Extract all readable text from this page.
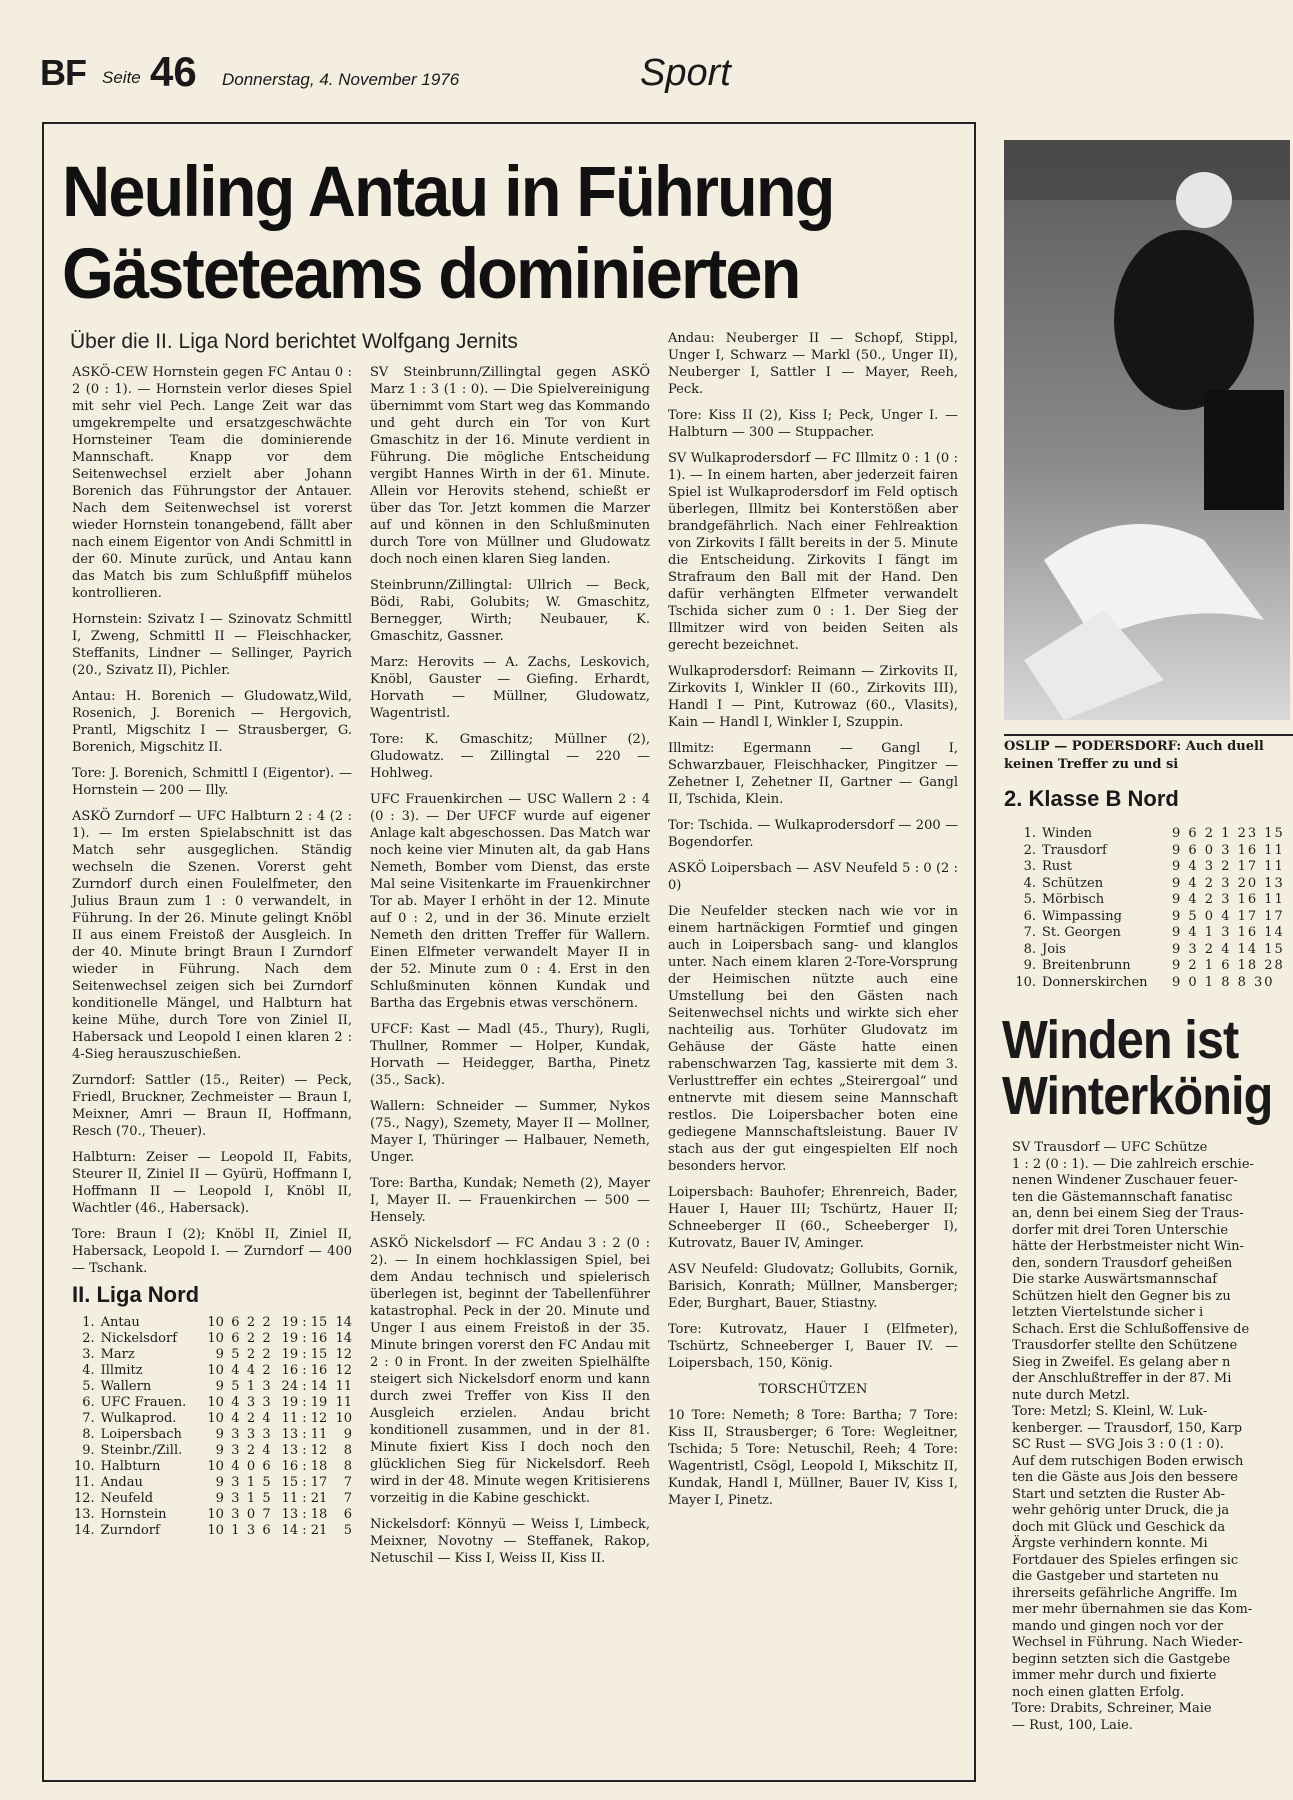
BF Seite 46 Donnerstag, 4. November 1976	Sport
Neuling Antau in Führung
Gästeteams dominierten
Über die II. Liga Nord berichtet Wolfgang Jernits

ASKÖ-CEW Hornstein gegen FC Antau 0 : 2 (0 : 1). — Hornstein verlor dieses Spiel mit sehr viel Pech. Lange Zeit war das umgekrempelte und ersatzgeschwächte Hornsteiner Team die dominierende Mannschaft. Knapp vor dem Seitenwechsel erzielt aber Johann Borenich das Führungstor der Antauer. Nach dem Seitenwechsel ist vorerst wieder Hornstein tonangebend, fällt aber nach einem Eigentor von Andi Schmittl in der 60. Minute zurück, und Antau kann das Match bis zum Schlußpfiff mühelos kontrollieren.

Hornstein: Szivatz I — Szinovatz Schmittl I, Zweng, Schmittl II — Fleischhacker, Steffanits, Lindner — Sellinger, Payrich (20., Szivatz II), Pichler.

Antau: H. Borenich — Gludowatz,Wild, Rosenich, J. Borenich — Hergovich, Prantl, Migschitz I — Strausberger, G. Borenich, Migschitz II.

Tore: J. Borenich, Schmittl I (Eigentor). — Hornstein — 200 — Illy.

ASKÖ Zurndorf — UFC Halbturn 2 : 4 (2 : 1). — Im ersten Spielabschnitt ist das Match sehr ausgeglichen. Ständig wechseln die Szenen. Vorerst geht Zurndorf durch einen Foulelfmeter, den Julius Braun zum 1 : 0 verwandelt, in Führung. In der 26. Minute gelingt Knöbl II aus einem Freistoß der Ausgleich. In der 40. Minute bringt Braun I Zurndorf wieder in Führung. Nach dem Seitenwechsel zeigen sich bei Zurndorf konditionelle Mängel, und Halbturn hat keine Mühe, durch Tore von Ziniel II, Habersack und Leopold I einen klaren 2 : 4-Sieg herauszuschießen.

Zurndorf: Sattler (15., Reiter) — Peck, Friedl, Bruckner, Zechmeister — Braun I, Meixner, Amri — Braun II, Hoffmann, Resch (70., Theuer).

Halbturn: Zeiser — Leopold II, Fabits, Steurer II, Ziniel II — Gyürü, Hoffmann I, Hoffmann II — Leopold I, Knöbl II, Wachtler (46., Habersack).

Tore: Braun I (2); Knöbl II, Ziniel II, Habersack, Leopold I. — Zurndorf — 400 — Tschank.

II. Liga Nord
1.	Antau	10	6	2	2	19 : 15	14
2.	Nickelsdorf	10	6	2	2	19 : 16	14
3.	Marz	9	5	2	2	19 : 15	12
4.	Illmitz	10	4	4	2	16 : 16	12
5.	Wallern	9	5	1	3	24 : 14	11
6.	UFC Frauen.	10	4	3	3	19 : 19	11
7.	Wulkaprod.	10	4	2	4	11 : 12	10
8.	Loipersbach	9	3	3	3	13 : 11	9
9.	Steinbr./Zill.	9	3	2	4	13 : 12	8
10.	Halbturn	10	4	0	6	16 : 18	8
11.	Andau	9	3	1	5	15 : 17	7
12.	Neufeld	9	3	1	5	11 : 21	7
13.	Hornstein	10	3	0	7	13 : 18	6
14.	Zurndorf	10	1	3	6	14 : 21	5

SV Steinbrunn/Zillingtal gegen ASKÖ Marz 1 : 3 (1 : 0). — Die Spielvereinigung übernimmt vom Start weg das Kommando und geht durch ein Tor von Kurt Gmaschitz in der 16. Minute verdient in Führung. Die mögliche Entscheidung vergibt Hannes Wirth in der 61. Minute. Allein vor Herovits stehend, schießt er über das Tor. Jetzt kommen die Marzer auf und können in den Schlußminuten durch Tore von Müllner und Gludowatz doch noch einen klaren Sieg landen.

Steinbrunn/Zillingtal: Ullrich — Beck, Bödi, Rabi, Golubits; W. Gmaschitz, Bernegger, Wirth; Neubauer, K. Gmaschitz, Gassner.

Marz: Herovits — A. Zachs, Leskovich, Knöbl, Gauster — Giefing. Erhardt, Horvath — Müllner, Gludowatz, Wagentristl.

Tore: K. Gmaschitz; Müllner (2), Gludowatz. — Zillingtal — 220 — Hohlweg.

UFC Frauenkirchen — USC Wallern 2 : 4 (0 : 3). — Der UFCF wurde auf eigener Anlage kalt abgeschossen. Das Match war noch keine vier Minuten alt, da gab Hans Nemeth, Bomber vom Dienst, das erste Mal seine Visitenkarte im Frauenkirchner Tor ab. Mayer I erhöht in der 12. Minute auf 0 : 2, und in der 36. Minute erzielt Nemeth den dritten Treffer für Wallern. Einen Elfmeter verwandelt Mayer II in der 52. Minute zum 0 : 4. Erst in den Schlußminuten können Kundak und Bartha das Ergebnis etwas verschönern.

UFCF: Kast — Madl (45., Thury), Rugli, Thullner, Rommer — Holper, Kundak, Horvath — Heidegger, Bartha, Pinetz (35., Sack).

Wallern: Schneider — Summer, Nykos (75., Nagy), Szemety, Mayer II — Mollner, Mayer I, Thüringer — Halbauer, Nemeth, Unger.

Tore: Bartha, Kundak; Nemeth (2), Mayer I, Mayer II. — Frauenkirchen — 500 — Hensely.

ASKÖ Nickelsdorf — FC Andau 3 : 2 (0 : 2). — In einem hochklassigen Spiel, bei dem Andau technisch und spielerisch überlegen ist, beginnt der Tabellenführer katastrophal. Peck in der 20. Minute und Unger I aus einem Freistoß in der 35. Minute bringen vorerst den FC Andau mit 2 : 0 in Front. In der zweiten Spielhälfte steigert sich Nickelsdorf enorm und kann durch zwei Treffer von Kiss II den Ausgleich erzielen. Andau bricht konditionell zusammen, und in der 81. Minute fixiert Kiss I doch noch den glücklichen Sieg für Nickelsdorf. Reeh wird in der 48. Minute wegen Kritisierens vorzeitig in die Kabine geschickt.

Nickelsdorf: Könnyü — Weiss I, Limbeck, Meixner, Novotny — Steffanek, Rakop, Netuschil — Kiss I, Weiss II, Kiss II.

Andau: Neuberger II — Schopf, Stippl, Unger I, Schwarz — Markl (50., Unger II), Neuberger I, Sattler I — Mayer, Reeh, Peck.

Tore: Kiss II (2), Kiss I; Peck, Unger I. — Halbturn — 300 — Stuppacher.

SV Wulkaprodersdorf — FC Illmitz 0 : 1 (0 : 1). — In einem harten, aber jederzeit fairen Spiel ist Wulkaprodersdorf im Feld optisch überlegen, Illmitz bei Konterstößen aber brandgefährlich. Nach einer Fehlreaktion von Zirkovits I fällt bereits in der 5. Minute die Entscheidung. Zirkovits I fängt im Strafraum den Ball mit der Hand. Den dafür verhängten Elfmeter verwandelt Tschida sicher zum 0 : 1. Der Sieg der Illmitzer wird von beiden Seiten als gerecht bezeichnet.

Wulkaprodersdorf: Reimann — Zirkovits II, Zirkovits I, Winkler II (60., Zirkovits III), Handl I — Pint, Kutrowaz (60., Vlasits), Kain — Handl I, Winkler I, Szuppin.

Illmitz: Egermann — Gangl I, Schwarzbauer, Fleischhacker, Pingitzer — Zehetner I, Zehetner II, Gartner — Gangl II, Tschida, Klein.

Tor: Tschida. — Wulkaprodersdorf — 200 — Bogendorfer.

ASKÖ Loipersbach — ASV Neufeld 5 : 0 (2 : 0)

Die Neufelder stecken nach wie vor in einem hartnäckigen Formtief und gingen auch in Loipersbach sang- und klanglos unter. Nach einem klaren 2-Tore-Vorsprung der Heimischen nützte auch eine Umstellung bei den Gästen nach Seitenwechsel nichts und wirkte sich eher nachteilig aus. Torhüter Gludovatz im Gehäuse der Gäste hatte einen rabenschwarzen Tag, kassierte mit dem 3. Verlusttreffer ein echtes „Steirergoal“ und entnervte mit diesem seine Mannschaft restlos. Die Loipersbacher boten eine gediegene Mannschaftsleistung. Bauer IV stach aus der gut eingespielten Elf noch besonders hervor.

Loipersbach: Bauhofer; Ehrenreich, Bader, Hauer I, Hauer III; Tschürtz, Hauer II; Schneeberger II (60., Scheeberger I), Kutrovatz, Bauer IV, Aminger.

ASV Neufeld: Gludovatz; Gollubits, Gornik, Barisich, Konrath; Müllner, Mansberger; Eder, Burghart, Bauer, Stiastny.

Tore: Kutrovatz, Hauer I (Elfmeter), Tschürtz, Schneeberger I, Bauer IV. — Loipersbach, 150, König.

TORSCHÜTZEN

10 Tore: Nemeth; 8 Tore: Bartha; 7 Tore: Kiss II, Strausberger; 6 Tore: Wegleitner, Tschida; 5 Tore: Netuschil, Reeh; 4 Tore: Wagentristl, Csögl, Leopold I, Mikschitz II, Kundak, Handl I, Müllner, Bauer IV, Kiss I, Mayer I, Pinetz.

OSLIP — PODERSDORF: Auch duell keinen Treffer zu und si
2. Klasse B Nord
1.	Winden	9 6 2 1 23 15
2.	Trausdorf	9 6 0 3 16 11
3.	Rust	9 4 3 2 17 11
4.	Schützen	9 4 2 3 20 13
5.	Mörbisch	9 4 2 3 16 11
6.	Wimpassing	9 5 0 4 17 17
7.	St. Georgen	9 4 1 3 16 14
8.	Jois	9 3 2 4 14 15
9.	Breitenbrunn	9 2 1 6 18 28
10.	Donnerskirchen	9 0 1 8 8 30
Winden ist
Winterkönig

SV Trausdorf — UFC Schütze

1 : 2 (0 : 1). — Die zahlreich erschie-

nenen Windener Zuschauer feuer-

ten die Gästemannschaft fanatisc

an, denn bei einem Sieg der Traus-

dorfer mit drei Toren Unterschie

hätte der Herbstmeister nicht Win-

den, sondern Trausdorf geheißen

Die starke Auswärtsmannschaf

Schützen hielt den Gegner bis zu

letzten Viertelstunde sicher i

Schach. Erst die Schlußoffensive de

Trausdorfer stellte den Schützene

Sieg in Zweifel. Es gelang aber n

der Anschlußtreffer in der 87. Mi

nute durch Metzl.

Tore: Metzl; S. Kleinl, W. Luk-

kenberger. — Trausdorf, 150, Karp

SC Rust — SVG Jois 3 : 0 (1 : 0).

Auf dem rutschigen Boden erwisch

ten die Gäste aus Jois den bessere

Start und setzten die Ruster Ab-

wehr gehörig unter Druck, die ja

doch mit Glück und Geschick da

Ärgste verhindern konnte. Mi

Fortdauer des Spieles erfingen sic

die Gastgeber und starteten nu

ihrerseits gefährliche Angriffe. Im

mer mehr übernahmen sie das Kom-

mando und gingen noch vor der

Wechsel in Führung. Nach Wieder-

beginn setzten sich die Gastgebe

immer mehr durch und fixierte

noch einen glatten Erfolg.

Tore: Drabits, Schreiner, Maie

— Rust, 100, Laie.
